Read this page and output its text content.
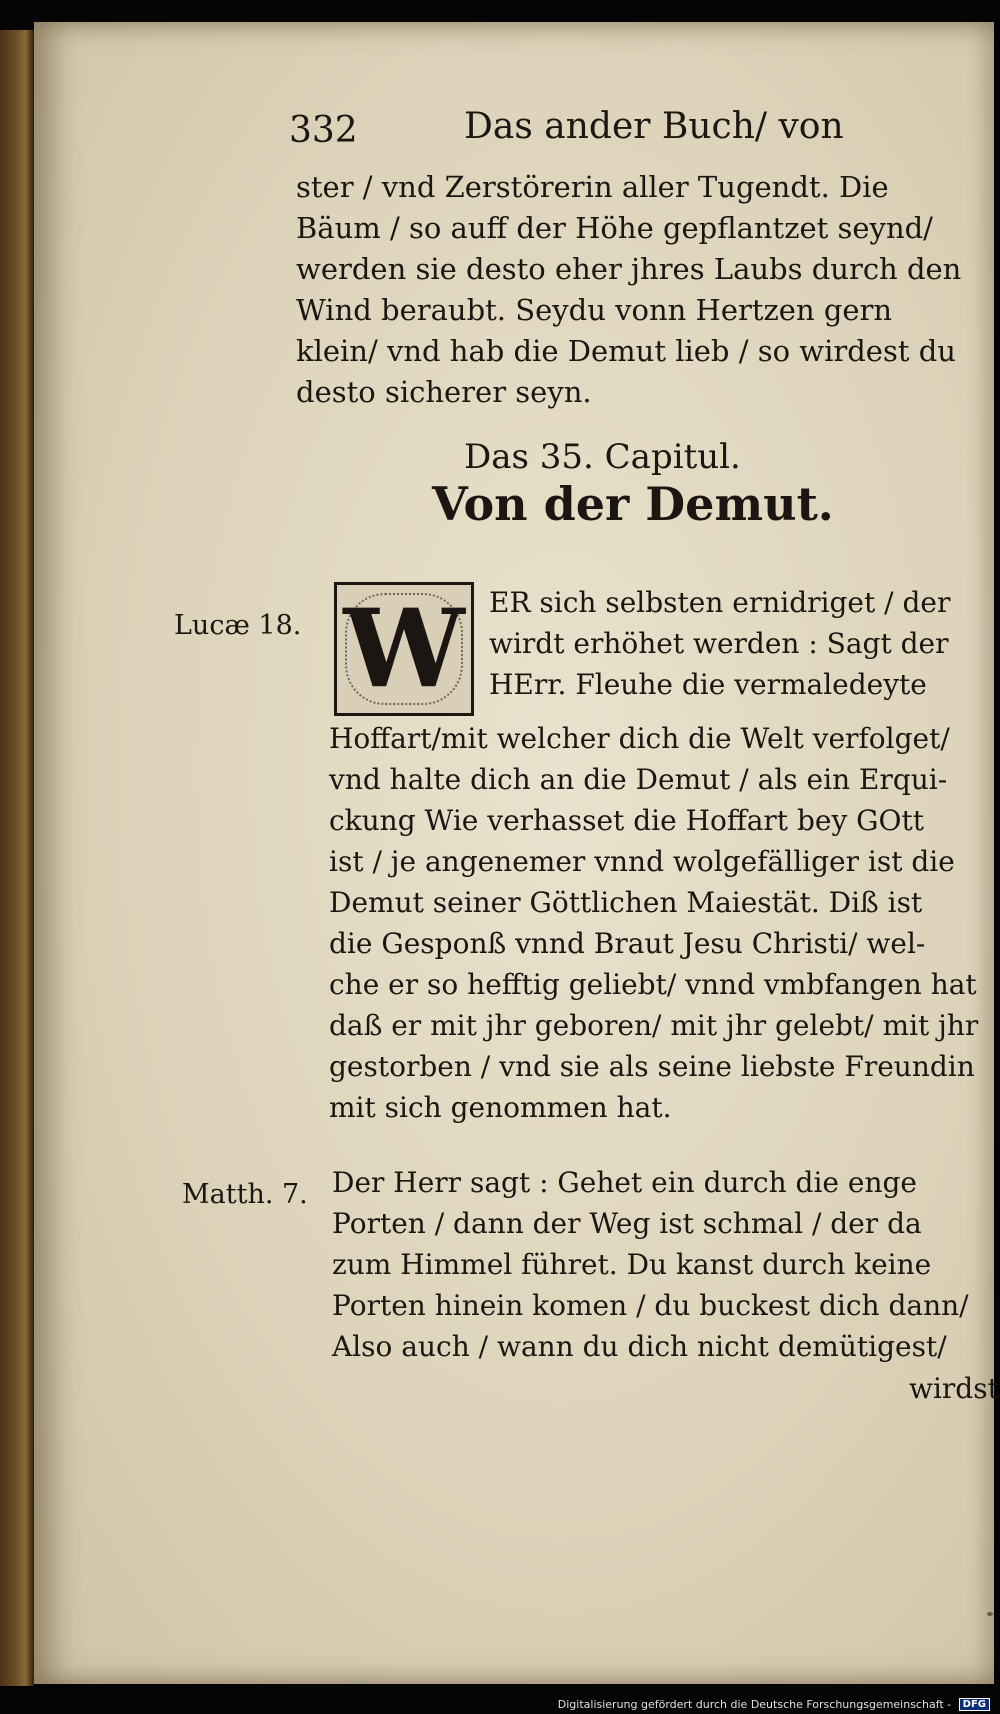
332	Das ander Buch/ von
ster / vnd Zerstörerin aller Tugendt. Die
Bäum / so auff der Höhe gepflantzet seynd/
werden sie desto eher jhres Laubs durch den
Wind beraubt. Seydu vonn Hertzen gern
klein/ vnd hab die Demut lieb / so wirdest du
desto sicherer seyn.
Das 35. Capitul.
Von der Demut.
W ER sich selbsten ernidriget / der
wirdt erhöhet werden : Sagt der
HErr. Fleuhe die vermaledeyte
Hoffart/mit welcher dich die Welt verfolget/
vnd halte dich an die Demut / als ein Erqui-
ckung Wie verhasset die Hoffart bey GOtt
ist / je angenemer vnnd wolgefälliger ist die
Demut seiner Göttlichen Maiestät. Diß ist
die Gesponß vnnd Braut Jesu Christi/ wel-
che er so hefftig geliebt/ vnnd vmbfangen hat
daß er mit jhr geboren/ mit jhr gelebt/ mit jhr
gestorben / vnd sie als seine liebste Freundin
mit sich genommen hat.
Der Herr sagt : Gehet ein durch die enge
Porten / dann der Weg ist schmal / der da
zum Himmel führet. Du kanst durch keine
Porten hinein komen / du buckest dich dann/
Also auch / wann du dich nicht demütigest/
wirdst
Lucæ 18.
Matth. 7.
Digitalisierung gefördert durch die Deutsche Forschungsgemeinschaft - DFG
